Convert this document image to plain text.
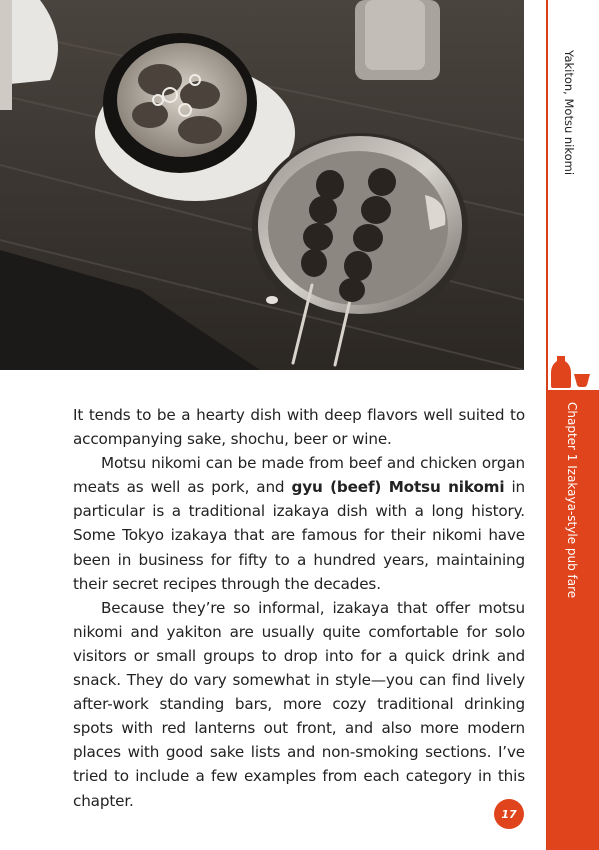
It tends to be a hearty dish with deep flavors well suited to accompanying sake, shochu, beer or wine.

Motsu nikomi can be made from beef and chicken organ meats as well as pork, and gyu (beef) Motsu nikomi in particular is a traditional izakaya dish with a long history. Some Tokyo izakaya that are famous for their nikomi have been in business for fifty to a hundred years, maintaining their secret recipes through the decades.

Because they’re so informal, izakaya that offer motsu nikomi and yakiton are usually quite comfortable for solo visitors or small groups to drop into for a quick drink and snack. They do vary somewhat in style—you can find lively after-work standing bars, more cozy traditional drinking spots with red lanterns out front, and also more modern places with good sake lists and non-smoking sections. I’ve tried to include a few examples from each category in this chapter.

Yakiton, Motsu nikomi
Chapter 1 Izakaya-style pub fare
17
